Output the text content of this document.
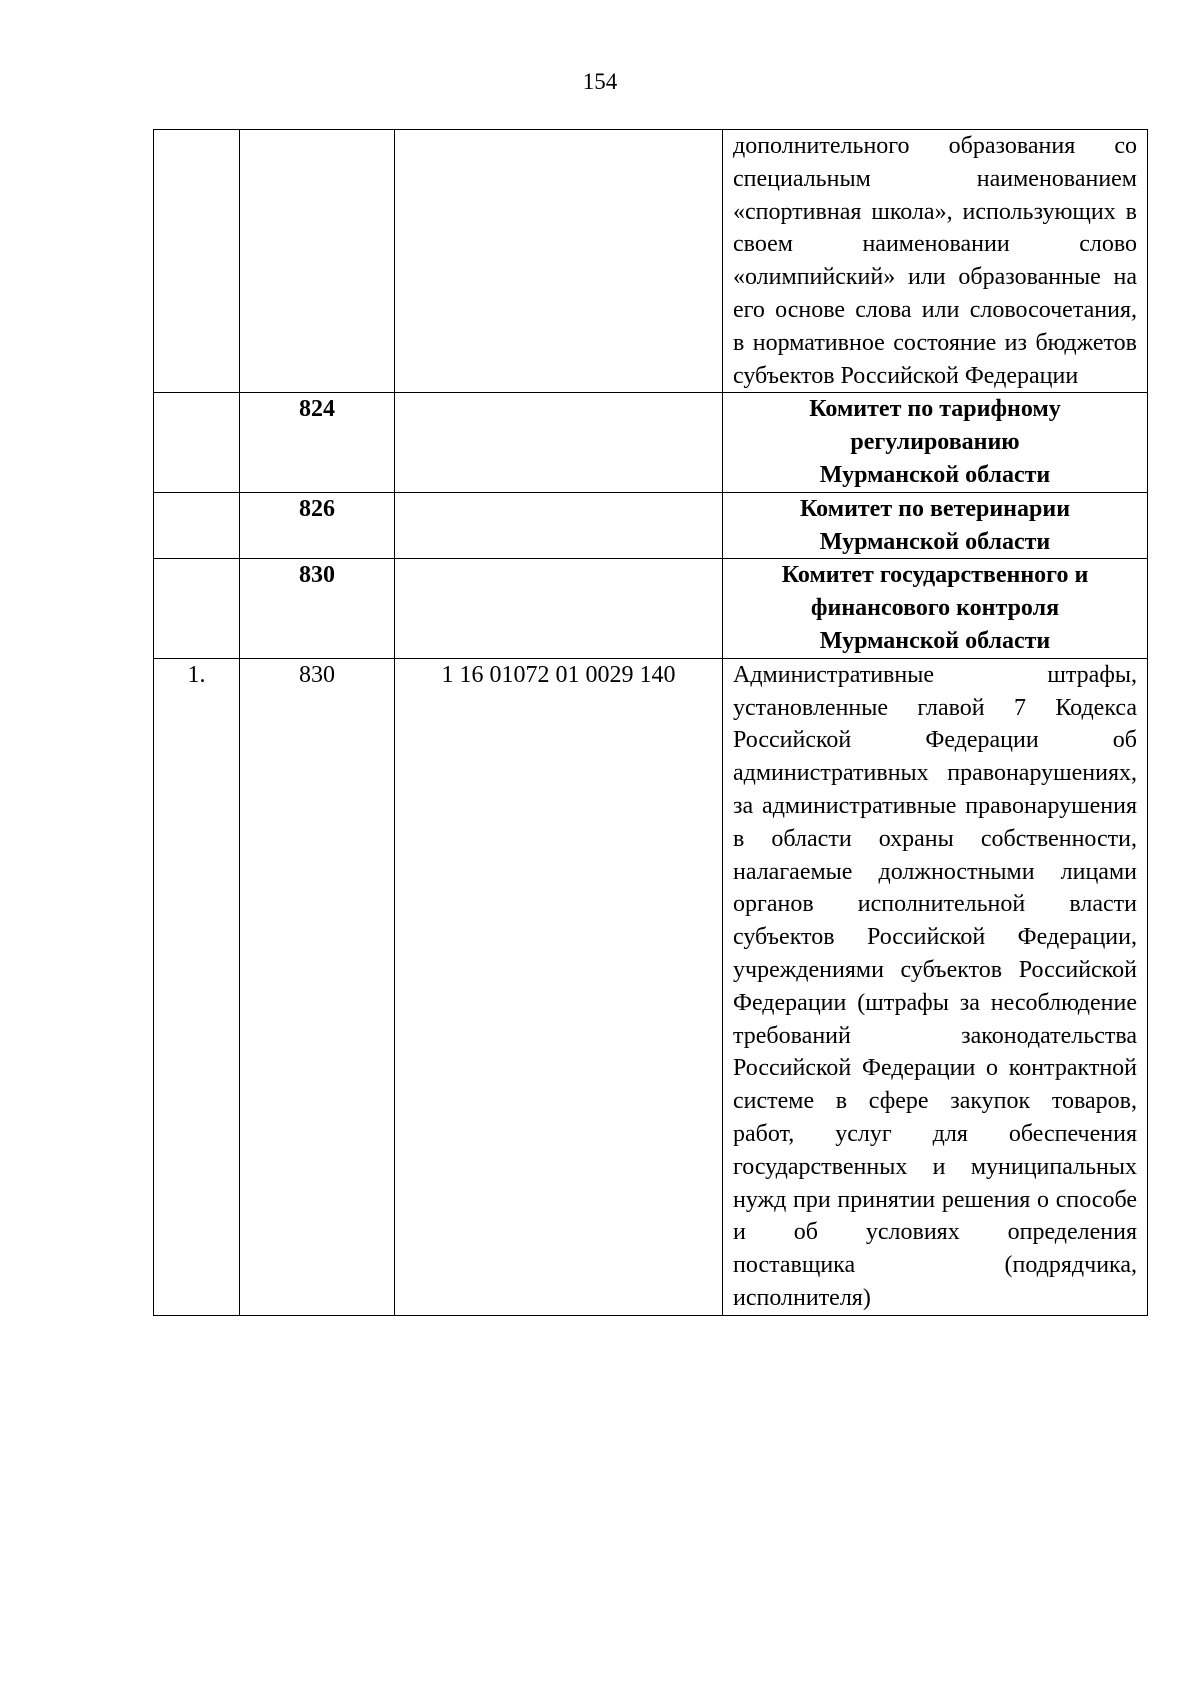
154
			дополнительного образования со специальным наименованием «спортивная школа», использующих в своем наименовании слово «олимпийский» или образованные на его основе слова или словосочетания, в нормативное состояние из бюджетов субъектов Российской Федерации
	824		Комитет по тарифному
регулированию
Мурманской области

	826		Комитет по ветеринарии
Мурманской области

	830		Комитет государственного и
финансового контроля
Мурманской области

1.	830	1 16 01072 01 0029 140	Административные штрафы, установленные главой 7 Кодекса Российской Федерации об административных правонарушениях, за административные правонарушения в области охраны собственности, налагаемые должностными лицами органов исполнительной власти субъектов Российской Федерации, учреждениями субъектов Российской Федерации (штрафы за несоблюдение требований законодательства Российской Федерации о контрактной системе в сфере закупок товаров, работ, услуг для обеспечения государственных и муниципальных нужд при принятии решения о способе и об условиях определения поставщика (подрядчика, исполнителя)
